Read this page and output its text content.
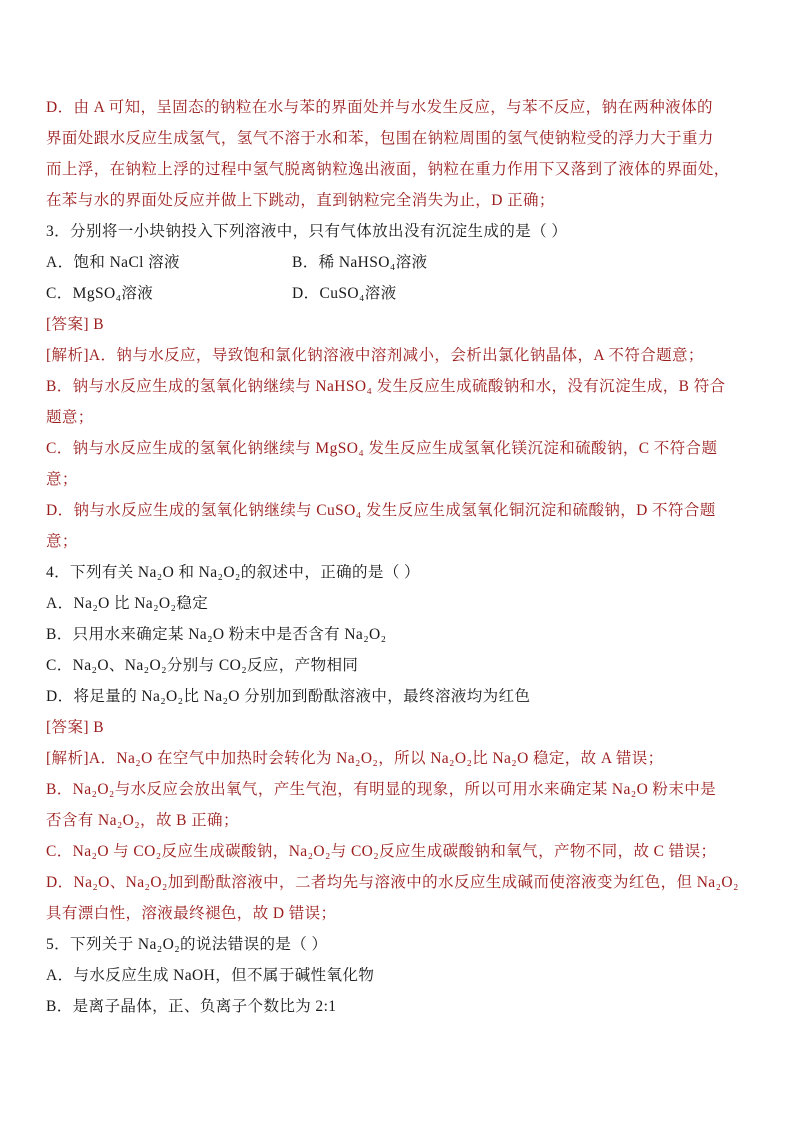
D．由 A 可知，呈固态的钠粒在水与苯的界面处并与水发生反应，与苯不反应，钠在两种液体的
界面处跟水反应生成氢气，氢气不溶于水和苯，包围在钠粒周围的氢气使钠粒受的浮力大于重力
而上浮，在钠粒上浮的过程中氢气脱离钠粒逸出液面，钠粒在重力作用下又落到了液体的界面处，
在苯与水的界面处反应并做上下跳动，直到钠粒完全消失为止，D 正确；
3．分别将一小块钠投入下列溶液中，只有气体放出没有沉淀生成的是（ ）
A．饱和 NaCl 溶液	B．稀 NaHSO₄溶液
C．MgSO₄溶液	D．CuSO₄溶液
[答案] B
[解析]A．钠与水反应，导致饱和氯化钠溶液中溶剂减小，会析出氯化钠晶体，A 不符合题意；
B．钠与水反应生成的氢氧化钠继续与 NaHSO₄ 发生反应生成硫酸钠和水，没有沉淀生成，B 符合
题意；
C．钠与水反应生成的氢氧化钠继续与 MgSO₄ 发生反应生成氢氧化镁沉淀和硫酸钠，C 不符合题
意；
D．钠与水反应生成的氢氧化钠继续与 CuSO₄ 发生反应生成氢氧化铜沉淀和硫酸钠，D 不符合题
意；
4．下列有关 Na₂O 和 Na₂O₂的叙述中，正确的是（ ）
A．Na₂O 比 Na₂O₂稳定
B．只用水来确定某 Na₂O 粉末中是否含有 Na₂O₂
C．Na₂O、Na₂O₂分别与 CO₂反应，产物相同
D．将足量的 Na₂O₂比 Na₂O 分别加到酚酞溶液中，最终溶液均为红色
[答案] B
[解析]A．Na₂O 在空气中加热时会转化为 Na₂O₂，所以 Na₂O₂比 Na₂O 稳定，故 A 错误；
B．Na₂O₂与水反应会放出氧气，产生气泡，有明显的现象，所以可用水来确定某 Na₂O 粉末中是
否含有 Na₂O₂，故 B 正确；
C．Na₂O 与 CO₂反应生成碳酸钠，Na₂O₂与 CO₂反应生成碳酸钠和氧气，产物不同，故 C 错误；
D．Na₂O、Na₂O₂加到酚酞溶液中，二者均先与溶液中的水反应生成碱而使溶液变为红色，但 Na₂O₂
具有漂白性，溶液最终褪色，故 D 错误；
5．下列关于 Na₂O₂的说法错误的是（ ）
A．与水反应生成 NaOH，但不属于碱性氧化物
B．是离子晶体，正、负离子个数比为 2:1
